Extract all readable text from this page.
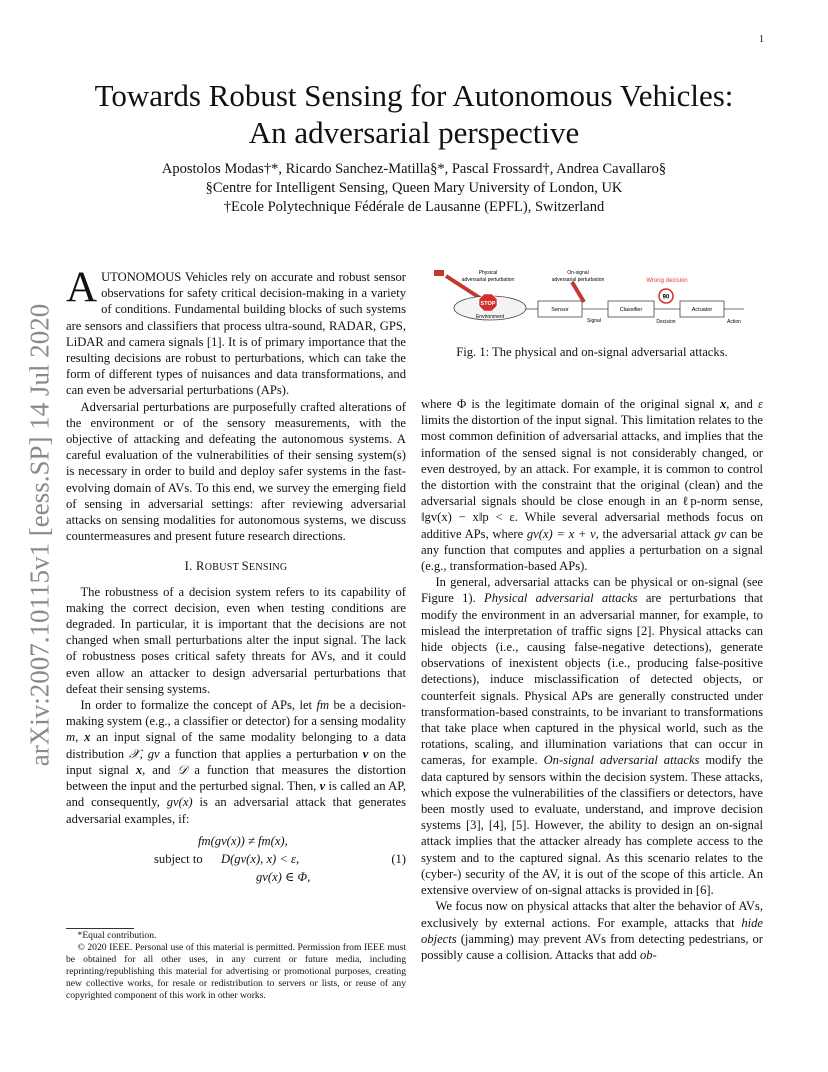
1
arXiv:2007.10115v1 [eess.SP] 14 Jul 2020
Towards Robust Sensing for Autonomous Vehicles:
An adversarial perspective
Apostolos Modas†*, Ricardo Sanchez-Matilla§*, Pascal Frossard†, Andrea Cavallaro§
§Centre for Intelligent Sensing, Queen Mary University of London, UK
†Ecole Polytechnique Fédérale de Lausanne (EPFL), Switzerland
Physical
adversarial perturbation
On-signal
adversarial perturbation	Wrong decision
STOP
Environment
Sensor
Signal
Classifier
90
Decision
Actuator
Action
Fig. 1: The physical and on-signal adversarial attacks.

AUTONOMOUS Vehicles rely on accurate and robust sensor observations for safety critical decision-making in a variety of conditions. Fundamental building blocks of such systems are sensors and classifiers that process ultra-sound, RADAR, GPS, LiDAR and camera signals [1]. It is of primary importance that the resulting decisions are robust to perturbations, which can take the form of different types of nuisances and data transformations, and can even be adversarial perturbations (APs).

Adversarial perturbations are purposefully crafted alterations of the environment or of the sensory measurements, with the objective of attacking and defeating the autonomous systems. A careful evaluation of the vulnerabilities of their sensing system(s) is necessary in order to build and deploy safer systems in the fast-evolving domain of AVs. To this end, we survey the emerging field of sensing in adversarial settings: after reviewing adversarial attacks on sensing modalities for autonomous systems, we discuss countermeasures and present future research directions.

I. ROBUST SENSING

The robustness of a decision system refers to its capability of making the correct decision, even when testing conditions are degraded. In particular, it is important that the decisions are not changed when small perturbations alter the input signal. The lack of robustness poses critical safety threats for AVs, and it could even allow an attacker to design adversarial perturbations that defeat their sensing systems.

In order to formalize the concept of APs, let fm be a decision-making system (e.g., a classifier or detector) for a sensing modality m, x an input signal of the same modality belonging to a data distribution 𝒳, gv a function that applies a perturbation v on the input signal x, and 𝒟 a function that measures the distortion between the input and the perturbed signal. Then, v is called an AP, and consequently, gv(x) is an adversarial attack that generates adversarial examples, if:

fm(gv(x)) ≠ fm(x),
subject to D(gv(x), x) < ε,
gv(x) ∈ Φ,
(1)
*Equal contribution.
© 2020 IEEE. Personal use of this material is permitted. Permission from IEEE must be obtained for all other uses, in any current or future media, including reprinting/republishing this material for advertising or promotional purposes, creating new collective works, for resale or redistribution to servers or lists, or reuse of any copyrighted component of this work in other works.

where Φ is the legitimate domain of the original signal x, and ε limits the distortion of the input signal. This limitation relates to the most common definition of adversarial attacks, and implies that the information of the sensed signal is not considerably changed, or even destroyed, by an attack. For example, it is common to control the distortion with the constraint that the original (clean) and the adversarial signals should be close enough in an ℓp-norm sense, ‖gv(x) − x‖p < ε. While several adversarial methods focus on additive APs, where gv(x) = x + v, the adversarial attack gv can be any function that computes and applies a perturbation on a signal (e.g., transformation-based APs).

In general, adversarial attacks can be physical or on-signal (see Figure 1). Physical adversarial attacks are perturbations that modify the environment in an adversarial manner, for example, to mislead the interpretation of traffic signs [2]. Physical attacks can hide objects (i.e., causing false-negative detections), generate observations of inexistent objects (i.e., producing false-positive detections), induce misclassification of detected objects, or counterfeit signals. Physical APs are generally constructed under transformation-based constraints, to be invariant to transformations that take place when captured in the physical world, such as the rotations, scaling, and illumination variations that can occur in cameras, for example. On-signal adversarial attacks modify the data captured by sensors within the decision system. These attacks, which expose the vulnerabilities of the classifiers or detectors, have been mostly used to evaluate, understand, and improve decision systems [3], [4], [5]. However, the ability to design an on-signal attack implies that the attacker already has complete access to the system and to the captured signal. As this scenario relates to the (cyber-) security of the AV, it is out of the scope of this article. An extensive overview of on-signal attacks is provided in [6].

We focus now on physical attacks that alter the behavior of AVs, exclusively by external actions. For example, attacks that hide objects (jamming) may prevent AVs from detecting pedestrians, or possibly cause a collision. Attacks that add ob-
